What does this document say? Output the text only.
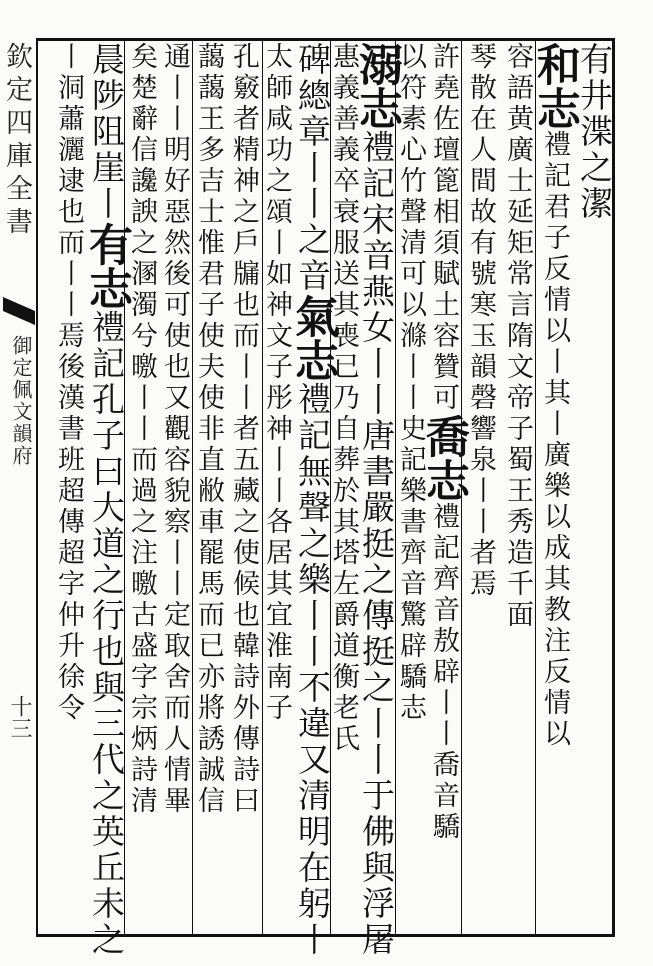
欽定四庫全書
御定佩文韻府
十三
有井渫之潔
容語黄廣士延矩常言隋文帝子蜀王秀造千面
琴散在人間故有號寒玉韻磬響泉丨丨者焉
許堯佐璮篦相須賦土容贊可喬志禮記齊音敖辟丨丨喬音驕
以符素心竹聲清可以滌丨丨史記樂書齊音驚辟驕志
溺志禮記宋音燕女丨丨唐書嚴挺之傳挺之丨丨于佛與浮屠
惠義善義卒衰服送其喪已乃自葬於其塔左爵道衡老氏
碑總章丨丨之音氣志禮記無聲之樂丨丨不違又清明在躬丨
太師咸功之頌丨如神文子彤神丨丨各居其宜淮南子
孔竅者精神之戶牖也而丨丨者五藏之使候也韓詩外傳詩曰
藹藹王多吉士惟君子使夫使非直敝車罷馬而已亦將誘誠信
通丨丨明好惡然後可使也又觀容貌察丨丨定取舍而人情畢
矣楚辭信讒諛之溷濁兮曒丨丨而過之注曒古盛字宗炳詩清
晨陟阻崖丨有志禮記孔子曰大道之行也與三代之英丘未之
丨洞蕭灑逮也而丨丨焉後漢書班超傳超字仲升徐令
和志禮記君子反情以丨其丨廣樂以成其教注反情以
